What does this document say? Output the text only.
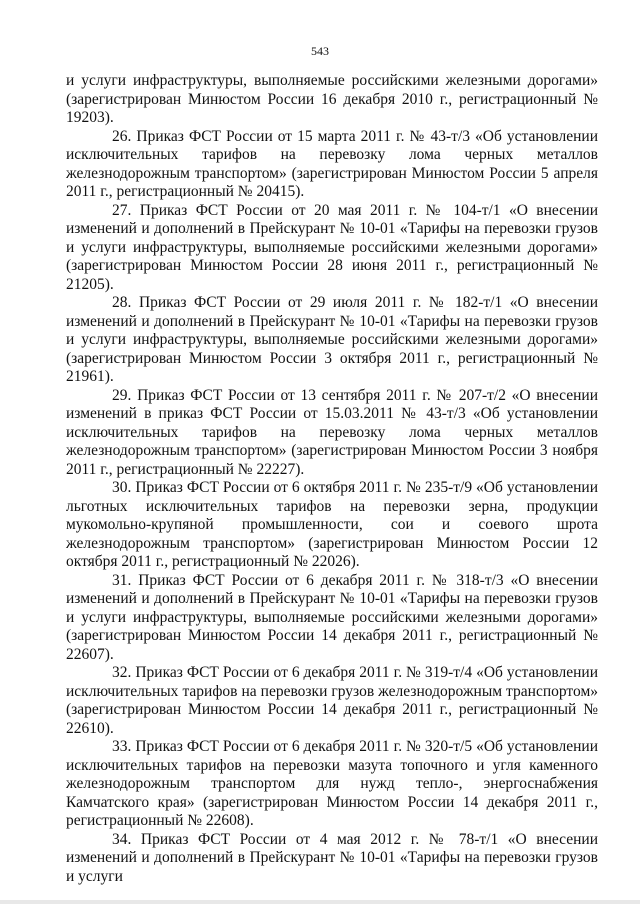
543

и услуги инфраструктуры, выполняемые российскими железными дорогами» (зарегистрирован Минюстом России 16 декабря 2010 г., регистрационный № 19203).

26. Приказ ФСТ России от 15 марта 2011 г. № 43-т/3 «Об установлении исключительных тарифов на перевозку лома черных металлов железнодорожным транспортом» (зарегистрирован Минюстом России 5 апреля 2011 г., регистрационный № 20415).

27. Приказ ФСТ России от 20 мая 2011 г. № 104-т/1 «О внесении изменений и дополнений в Прейскурант № 10-01 «Тарифы на перевозки грузов и услуги инфраструктуры, выполняемые российскими железными дорогами» (зарегистрирован Минюстом России 28 июня 2011 г., регистрационный № 21205).

28. Приказ ФСТ России от 29 июля 2011 г. № 182-т/1 «О внесении изменений и дополнений в Прейскурант № 10-01 «Тарифы на перевозки грузов и услуги инфраструктуры, выполняемые российскими железными дорогами» (зарегистрирован Минюстом России 3 октября 2011 г., регистрационный № 21961).

29. Приказ ФСТ России от 13 сентября 2011 г. № 207-т/2 «О внесении изменений в приказ ФСТ России от 15.03.2011 № 43-т/3 «Об установлении исключительных тарифов на перевозку лома черных металлов железнодорожным транспортом» (зарегистрирован Минюстом России 3 ноября 2011 г., регистрационный № 22227).

30. Приказ ФСТ России от 6 октября 2011 г. № 235-т/9 «Об установлении льготных исключительных тарифов на перевозки зерна, продукции мукомольно-крупяной промышленности, сои и соевого шрота железнодорожным транспортом» (зарегистрирован Минюстом России 12 октября 2011 г., регистрационный № 22026).

31. Приказ ФСТ России от 6 декабря 2011 г. № 318-т/3 «О внесении изменений и дополнений в Прейскурант № 10-01 «Тарифы на перевозки грузов и услуги инфраструктуры, выполняемые российскими железными дорогами» (зарегистрирован Минюстом России 14 декабря 2011 г., регистрационный № 22607).

32. Приказ ФСТ России от 6 декабря 2011 г. № 319-т/4 «Об установлении исключительных тарифов на перевозки грузов железнодорожным транспортом» (зарегистрирован Минюстом России 14 декабря 2011 г., регистрационный № 22610).

33. Приказ ФСТ России от 6 декабря 2011 г. № 320-т/5 «Об установлении исключительных тарифов на перевозки мазута топочного и угля каменного железнодорожным транспортом для нужд тепло-, энергоснабжения Камчатского края» (зарегистрирован Минюстом России 14 декабря 2011 г., регистрационный № 22608).

34. Приказ ФСТ России от 4 мая 2012 г. № 78-т/1 «О внесении изменений и дополнений в Прейскурант № 10-01 «Тарифы на перевозки грузов и услуги
